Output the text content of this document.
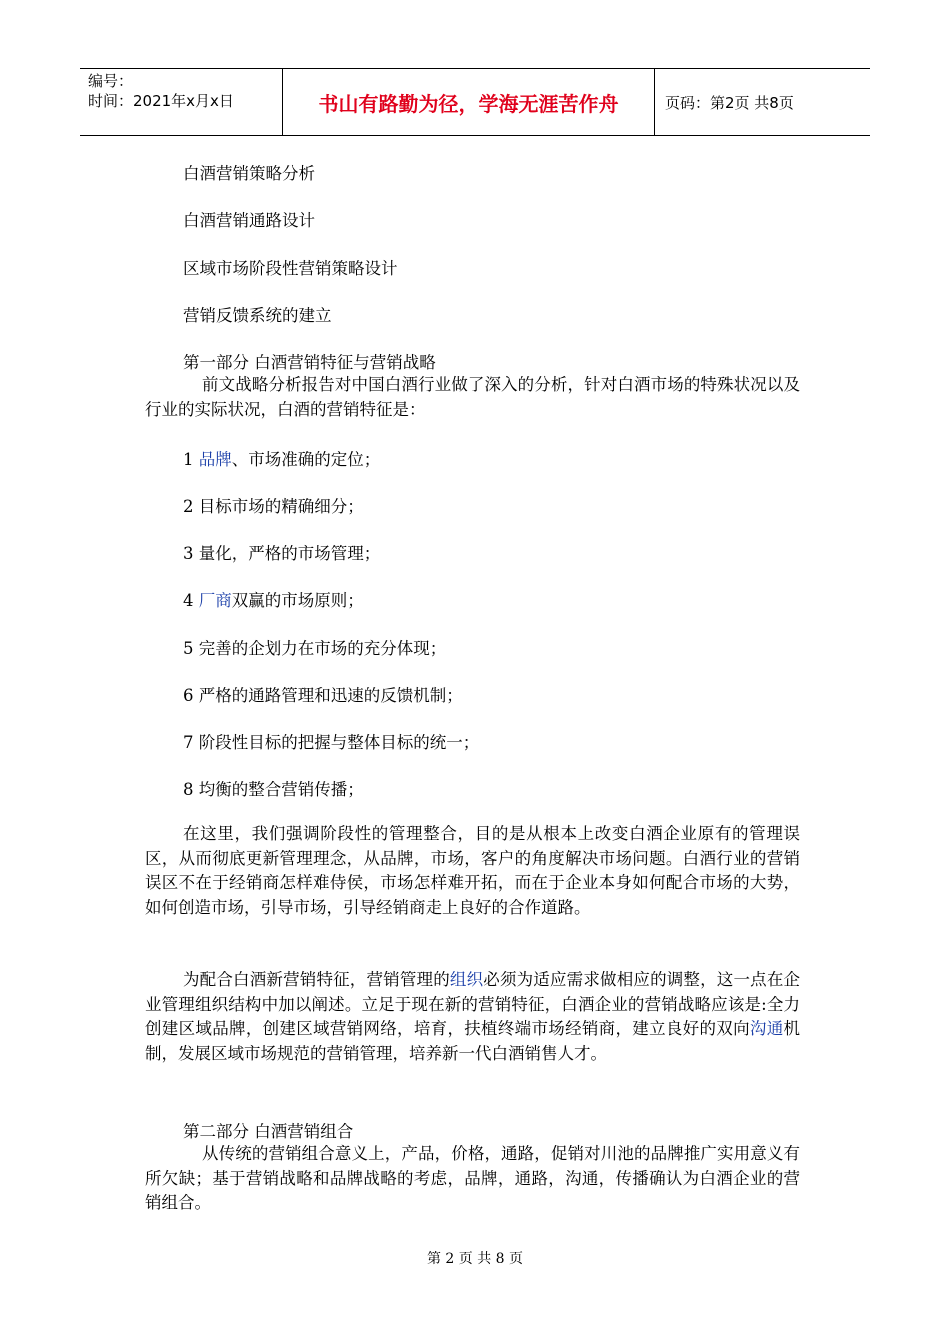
编号：
时间：2021年x月x日	书山有路勤为径，学海无涯苦作舟	页码：第2页 共8页
白酒营销策略分析
白酒营销通路设计
区域市场阶段性营销策略设计
营销反馈系统的建立
第一部分 白酒营销特征与营销战略
前文战略分析报告对中国白酒行业做了深入的分析，针对白酒市场的特殊状况以及行业的实际状况，白酒的营销特征是：
1 品牌、市场准确的定位；
2 目标市场的精确细分；
3 量化，严格的市场管理；
4 厂商双赢的市场原则；
5 完善的企划力在市场的充分体现；
6 严格的通路管理和迅速的反馈机制；
7 阶段性目标的把握与整体目标的统一；
8 均衡的整合营销传播；
在这里，我们强调阶段性的管理整合，目的是从根本上改变白酒企业原有的管理误区，从而彻底更新管理理念，从品牌，市场，客户的角度解决市场问题。白酒行业的营销误区不在于经销商怎样难侍侯，市场怎样难开拓，而在于企业本身如何配合市场的大势，如何创造市场，引导市场，引导经销商走上良好的合作道路。
为配合白酒新营销特征，营销管理的组织必须为适应需求做相应的调整，这一点在企业管理组织结构中加以阐述。立足于现在新的营销特征，白酒企业的营销战略应该是:全力创建区域品牌，创建区域营销网络，培育，扶植终端市场经销商，建立良好的双向沟通机制，发展区域市场规范的营销管理，培养新一代白酒销售人才。
第二部分 白酒营销组合
从传统的营销组合意义上，产品，价格，通路，促销对川池的品牌推广实用意义有所欠缺；基于营销战略和品牌战略的考虑，品牌，通路，沟通，传播确认为白酒企业的营销组合。
第 2 页 共 8 页
